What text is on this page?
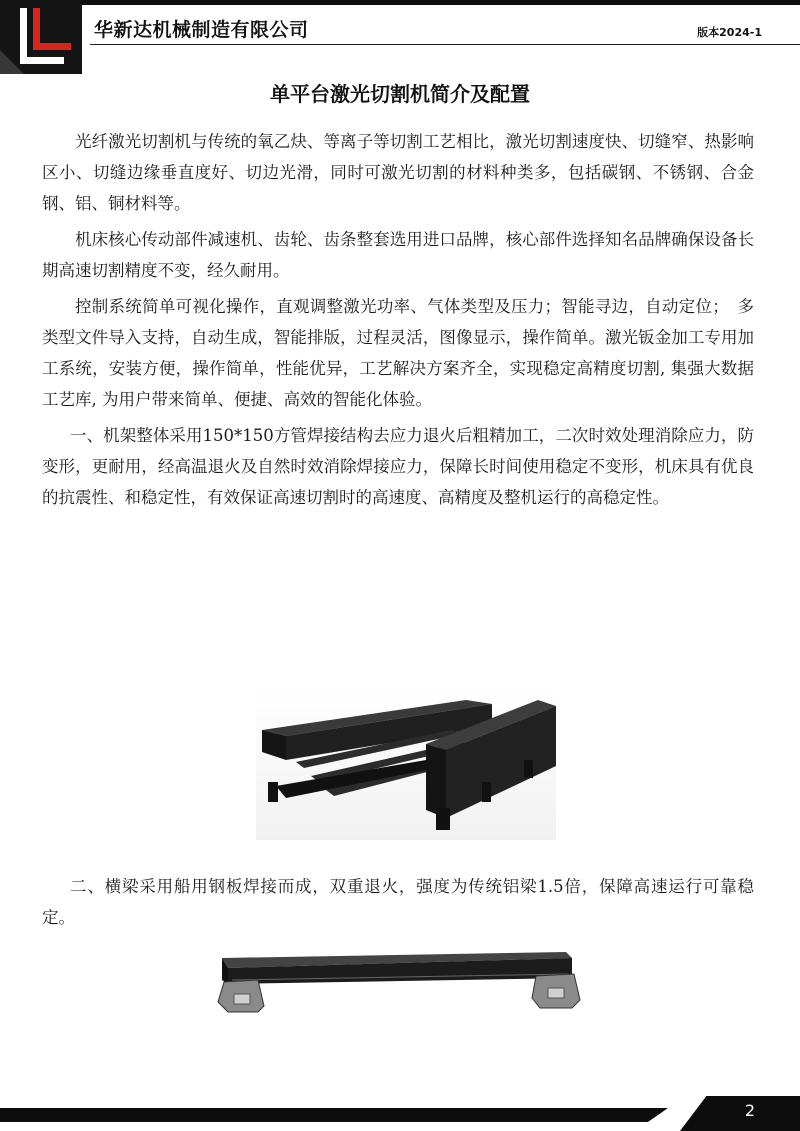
华新达机械制造有限公司	版本2024-1
单平台激光切割机简介及配置

光纤激光切割机与传统的氧乙炔、等离子等切割工艺相比，激光切割速度快、切缝窄、热影响区小、切缝边缘垂直度好、切边光滑，同时可激光切割的材料种类多，包括碳钢、不锈钢、合金钢、铝、铜材料等。

机床核心传动部件减速机、齿轮、齿条整套选用进口品牌，核心部件选择知名品牌确保设备长期高速切割精度不变，经久耐用。

控制系统简单可视化操作，直观调整激光功率、气体类型及压力；智能寻边，自动定位；　多类型文件导入支持，自动生成，智能排版，过程灵活，图像显示，操作简单。激光钣金加工专用加工系统，安装方便，操作简单，性能优异，工艺解决方案齐全，实现稳定高精度切割, 集强大数据工艺库, 为用户带来简单、便捷、高效的智能化体验。

一、机架整体采用150*150方管焊接结构去应力退火后粗精加工，二次时效处理消除应力，防变形，更耐用，经高温退火及自然时效消除焊接应力，保障长时间使用稳定不变形，机床具有优良的抗震性、和稳定性，有效保证高速切割时的高速度、高精度及整机运行的高稳定性。

二、横梁采用船用钢板焊接而成，双重退火，强度为传统铝梁1.5倍，保障高速运行可靠稳定。

2
